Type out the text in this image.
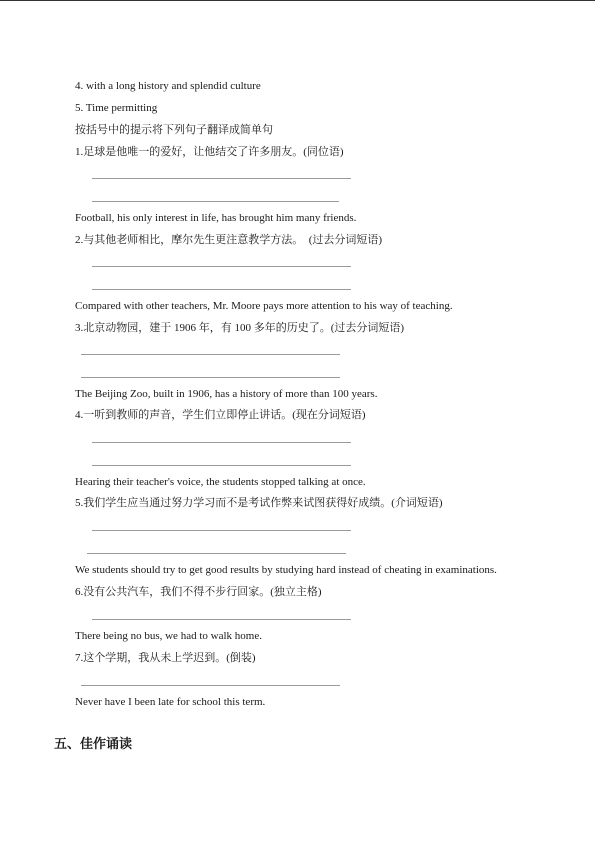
4. with a long history and splendid culture
5. Time permitting
按括号中的提示将下列句子翻译成简单句
1.足球是他唯一的爱好，让他结交了许多朋友。(同位语)
Football, his only interest in life, has brought him many friends.
2.与其他老师相比，摩尔先生更注意教学方法。　(过去分词短语)
Compared with other teachers, Mr. Moore pays more attention to his way of teaching.
3.北京动物园，建于 1906 年，有 100 多年的历史了。(过去分词短语)
The Beijing Zoo, built in 1906, has a history of more than 100 years.
4.一听到教师的声音，学生们立即停止讲话。(现在分词短语)
Hearing their teacher's voice, the students stopped talking at once.
5.我们学生应当通过努力学习而不是考试作弊来试图获得好成绩。(介词短语)
We students should try to get good results by studying hard instead of cheating in examinations.
6.没有公共汽车，我们不得不步行回家。(独立主格)
There being no bus, we had to walk home.
7.这个学期，我从未上学迟到。(倒装)
Never have I been late for school this term.
五、佳作诵读
